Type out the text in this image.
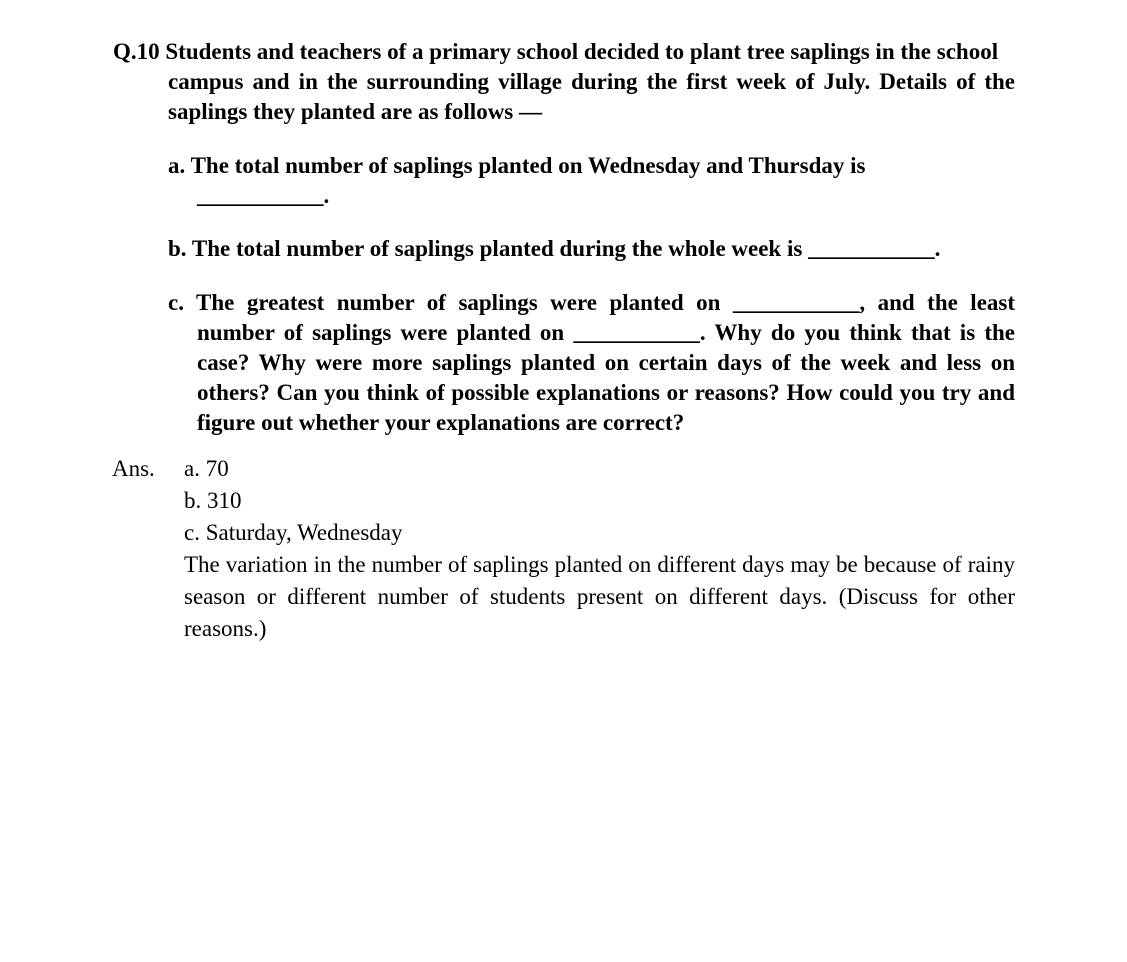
Q.10 Students and teachers of a primary school decided to plant tree saplings in the school
campus and in the surrounding village during the first week of July. Details of the saplings they planted are as follows —
a. The total number of saplings planted on Wednesday and Thursday is
___________.
b. The total number of saplings planted during the whole week is ___________.
c. The greatest number of saplings were planted on ___________, and the least number of saplings were planted on ___________. Why do you think that is the case? Why were more saplings planted on certain days of the week and less on others? Can you think of possible explanations or reasons? How could you try and figure out whether your explanations are correct?
Ans. a. 70

b. 310

c. Saturday, Wednesday

The variation in the number of saplings planted on different days may be because of rainy season or different number of students present on different days. (Discuss for other reasons.)
